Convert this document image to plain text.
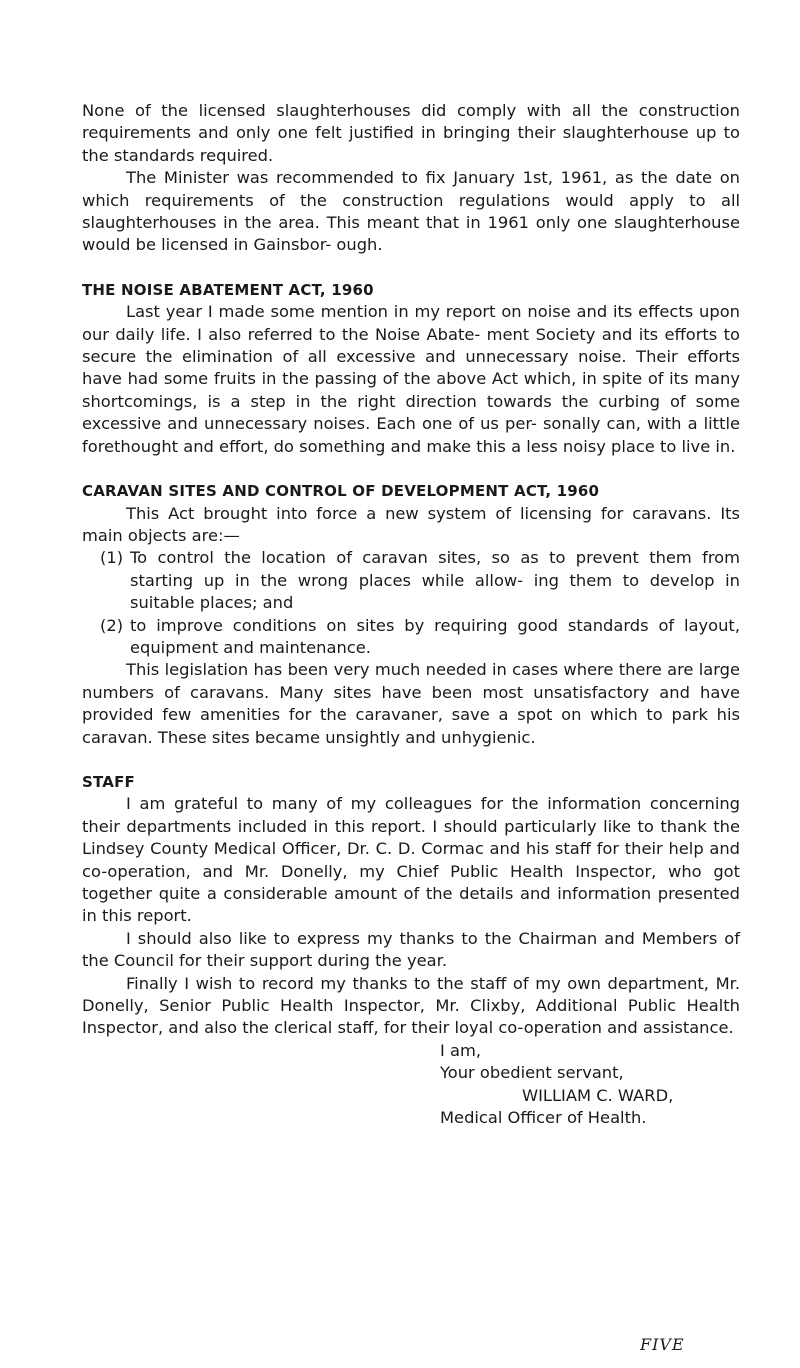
None of the licensed slaughterhouses did comply with all the construction requirements and only one felt justified in bringing their slaughterhouse up to the standards required.

The Minister was recommended to fix January 1st, 1961, as the date on which requirements of the construction regulations would apply to all slaughterhouses in the area. This meant that in 1961 only one slaughterhouse would be licensed in Gainsbor- ough.

THE NOISE ABATEMENT ACT, 1960

Last year I made some mention in my report on noise and its effects upon our daily life. I also referred to the Noise Abate- ment Society and its efforts to secure the elimination of all excessive and unnecessary noise. Their efforts have had some fruits in the passing of the above Act which, in spite of its many shortcomings, is a step in the right direction towards the curbing of some excessive and unnecessary noises. Each one of us per- sonally can, with a little forethought and effort, do something and make this a less noisy place to live in.

CARAVAN SITES AND CONTROL OF DEVELOPMENT ACT, 1960

This Act brought into force a new system of licensing for caravans. Its main objects are:—

(1) To control the location of caravan sites, so as to prevent them from starting up in the wrong places while allow- ing them to develop in suitable places; and

(2) to improve conditions on sites by requiring good standards of layout, equipment and maintenance.

This legislation has been very much needed in cases where there are large numbers of caravans. Many sites have been most unsatisfactory and have provided few amenities for the caravaner, save a spot on which to park his caravan. These sites became unsightly and unhygienic.

STAFF

I am grateful to many of my colleagues for the information concerning their departments included in this report. I should particularly like to thank the Lindsey County Medical Officer, Dr. C. D. Cormac and his staff for their help and co-operation, and Mr. Donelly, my Chief Public Health Inspector, who got together quite a considerable amount of the details and information presented in this report.

I should also like to express my thanks to the Chairman and Members of the Council for their support during the year.

Finally I wish to record my thanks to the staff of my own department, Mr. Donelly, Senior Public Health Inspector, Mr. Clixby, Additional Public Health Inspector, and also the clerical staff, for their loyal co-operation and assistance.

I am,
Your obedient servant,
WILLIAM C. WARD,
Medical Officer of Health.
FIVE
